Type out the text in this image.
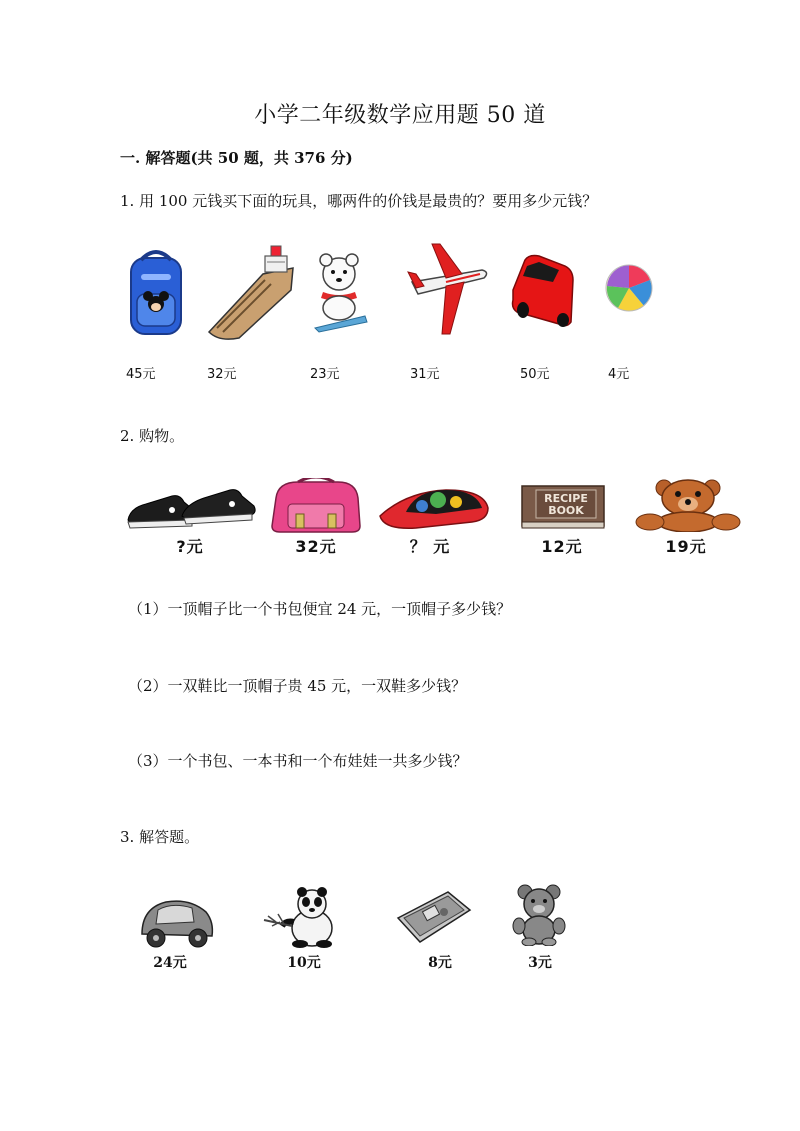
小学二年级数学应用题 50 道
一. 解答题(共 50 题，共 376 分)
1. 用 100 元钱买下面的玩具，哪两件的价钱是最贵的？要用多少元钱？
45元	32元	23元	31元	50元	4元
2. 购物。
?元	32元	？ 元
RECIPE
BOOK
12元	19元
（1）一顶帽子比一个书包便宜 24 元，一顶帽子多少钱？
（2）一双鞋比一顶帽子贵 45 元，一双鞋多少钱？
（3）一个书包、一本书和一个布娃娃一共多少钱？
3. 解答题。
24元	10元	8元	3元
